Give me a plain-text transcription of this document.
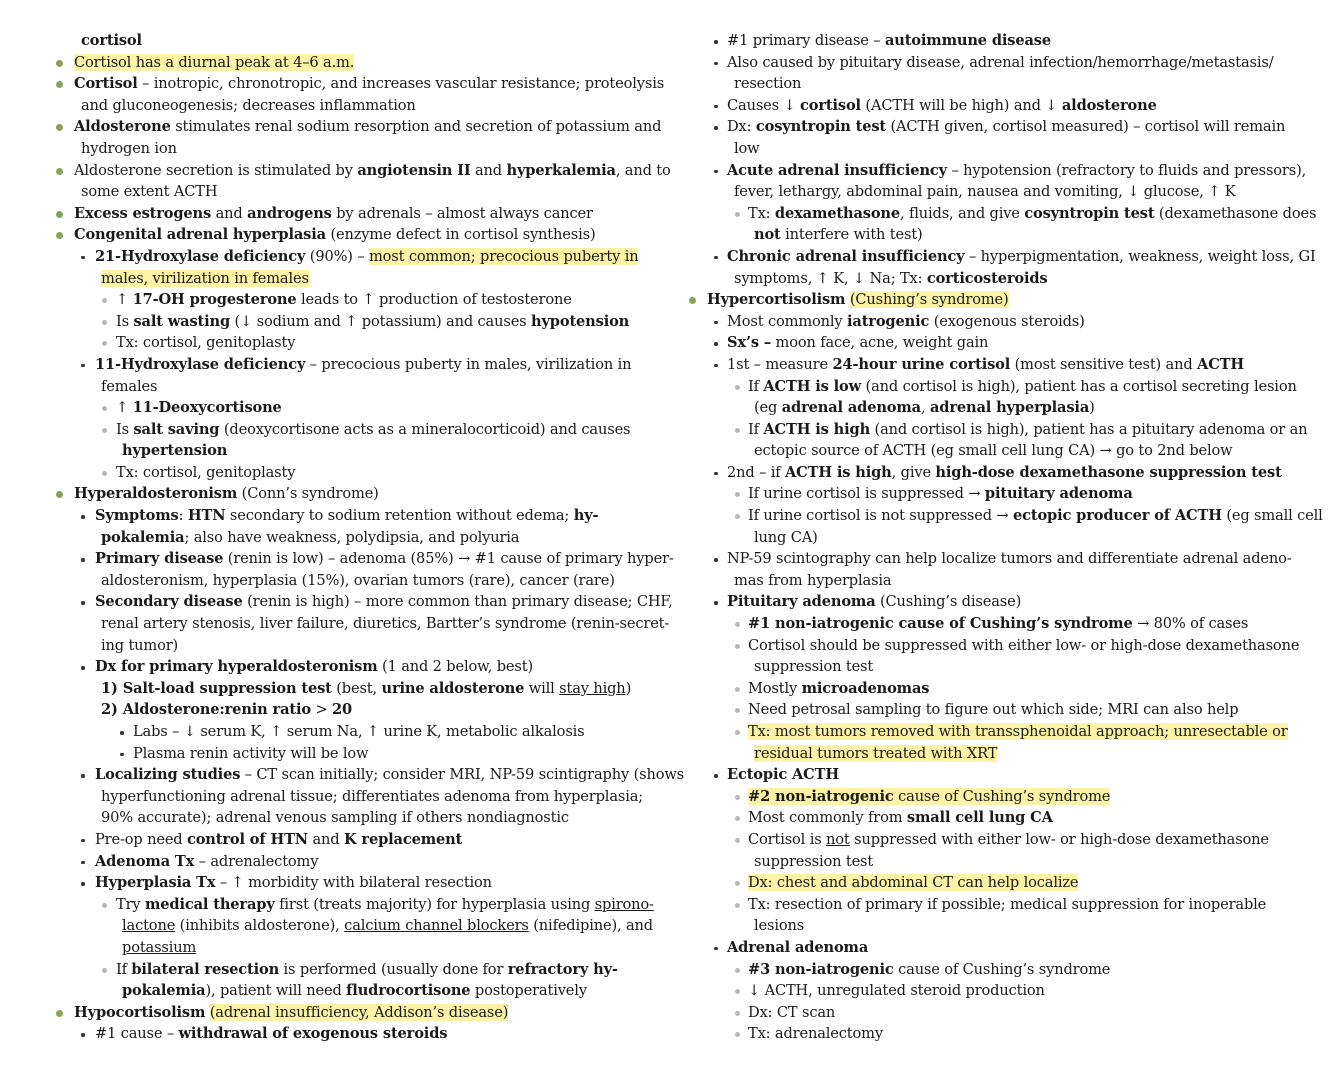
cortisol
Cortisol has a diurnal peak at 4–6 a.m.
Cortisol – inotropic, chronotropic, and increases vascular resistance; proteolysis
and gluconeogenesis; decreases inflammation
Aldosterone stimulates renal sodium resorption and secretion of potassium and
hydrogen ion
Aldosterone secretion is stimulated by angiotensin II and hyperkalemia, and to
some extent ACTH
Excess estrogens and androgens by adrenals – almost always cancer
Congenital adrenal hyperplasia (enzyme defect in cortisol synthesis)
21-Hydroxylase deficiency (90%) – most common; precocious puberty in
males, virilization in females
↑ 17-OH progesterone leads to ↑ production of testosterone
Is salt wasting (↓ sodium and ↑ potassium) and causes hypotension
Tx: cortisol, genitoplasty
11-Hydroxylase deficiency – precocious puberty in males, virilization in
females
↑ 11-Deoxycortisone
Is salt saving (deoxycortisone acts as a mineralocorticoid) and causes
hypertension
Tx: cortisol, genitoplasty
Hyperaldosteronism (Conn’s syndrome)
Symptoms: HTN secondary to sodium retention without edema; hy-
pokalemia; also have weakness, polydipsia, and polyuria
Primary disease (renin is low) – adenoma (85%) → #1 cause of primary hyper-
aldosteronism, hyperplasia (15%), ovarian tumors (rare), cancer (rare)
Secondary disease (renin is high) – more common than primary disease; CHF,
renal artery stenosis, liver failure, diuretics, Bartter’s syndrome (renin-secret-
ing tumor)
Dx for primary hyperaldosteronism (1 and 2 below, best)
1) Salt-load suppression test (best, urine aldosterone will stay high)
2) Aldosterone:renin ratio > 20
Labs – ↓ serum K, ↑ serum Na, ↑ urine K, metabolic alkalosis
Plasma renin activity will be low
Localizing studies – CT scan initially; consider MRI, NP-59 scintigraphy (shows
hyperfunctioning adrenal tissue; differentiates adenoma from hyperplasia;
90% accurate); adrenal venous sampling if others nondiagnostic
Pre-op need control of HTN and K replacement
Adenoma Tx – adrenalectomy
Hyperplasia Tx – ↑ morbidity with bilateral resection
Try medical therapy first (treats majority) for hyperplasia using spirono-
lactone (inhibits aldosterone), calcium channel blockers (nifedipine), and
potassium
If bilateral resection is performed (usually done for refractory hy-
pokalemia), patient will need fludrocortisone postoperatively
Hypocortisolism (adrenal insufficiency, Addison’s disease)
#1 cause – withdrawal of exogenous steroids
#1 primary disease – autoimmune disease
Also caused by pituitary disease, adrenal infection/hemorrhage/metastasis/
resection
Causes ↓ cortisol (ACTH will be high) and ↓ aldosterone
Dx: cosyntropin test (ACTH given, cortisol measured) – cortisol will remain
low
Acute adrenal insufficiency – hypotension (refractory to fluids and pressors),
fever, lethargy, abdominal pain, nausea and vomiting, ↓ glucose, ↑ K
Tx: dexamethasone, fluids, and give cosyntropin test (dexamethasone does
not interfere with test)
Chronic adrenal insufficiency – hyperpigmentation, weakness, weight loss, GI
symptoms, ↑ K, ↓ Na; Tx: corticosteroids
Hypercortisolism (Cushing’s syndrome)
Most commonly iatrogenic (exogenous steroids)
Sx’s – moon face, acne, weight gain
1st – measure 24-hour urine cortisol (most sensitive test) and ACTH
If ACTH is low (and cortisol is high), patient has a cortisol secreting lesion
(eg adrenal adenoma, adrenal hyperplasia)
If ACTH is high (and cortisol is high), patient has a pituitary adenoma or an
ectopic source of ACTH (eg small cell lung CA) → go to 2nd below
2nd – if ACTH is high, give high-dose dexamethasone suppression test
If urine cortisol is suppressed → pituitary adenoma
If urine cortisol is not suppressed → ectopic producer of ACTH (eg small cell
lung CA)
NP-59 scintography can help localize tumors and differentiate adrenal adeno-
mas from hyperplasia
Pituitary adenoma (Cushing’s disease)
#1 non-iatrogenic cause of Cushing’s syndrome → 80% of cases
Cortisol should be suppressed with either low- or high-dose dexamethasone
suppression test
Mostly microadenomas
Need petrosal sampling to figure out which side; MRI can also help
Tx: most tumors removed with transsphenoidal approach; unresectable or
residual tumors treated with XRT
Ectopic ACTH
#2 non-iatrogenic cause of Cushing’s syndrome
Most commonly from small cell lung CA
Cortisol is not suppressed with either low- or high-dose dexamethasone
suppression test
Dx: chest and abdominal CT can help localize
Tx: resection of primary if possible; medical suppression for inoperable
lesions
Adrenal adenoma
#3 non-iatrogenic cause of Cushing’s syndrome
↓ ACTH, unregulated steroid production
Dx: CT scan
Tx: adrenalectomy
